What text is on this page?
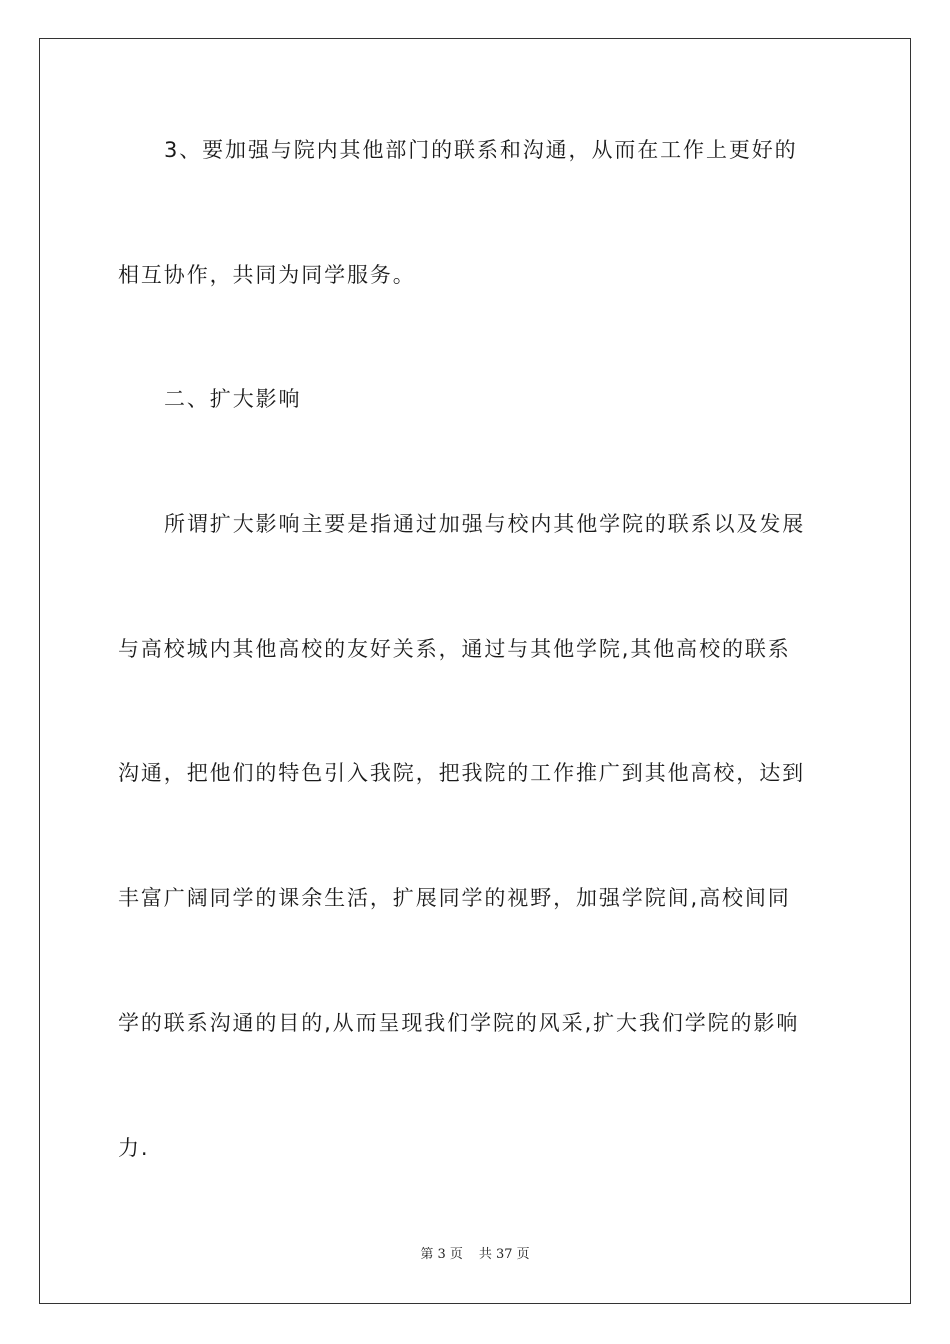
3、要加强与院内其他部门的联系和沟通，从而在工作上更好的
相互协作，共同为同学服务。
二、扩大影响
所谓扩大影响主要是指通过加强与校内其他学院的联系以及发展
与高校城内其他高校的友好关系，通过与其他学院,其他高校的联系
沟通，把他们的特色引入我院，把我院的工作推广到其他高校，达到
丰富广阔同学的课余生活，扩展同学的视野，加强学院间,高校间同
学的联系沟通的目的,从而呈现我们学院的风采,扩大我们学院的影响
力.
第 3 页 共 37 页
